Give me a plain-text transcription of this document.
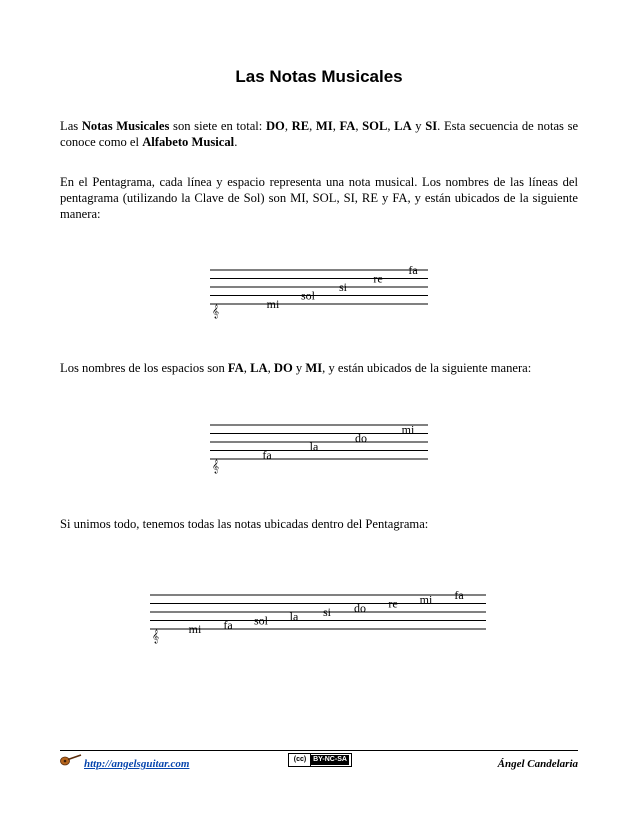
Las Notas Musicales
Las Notas Musicales son siete en total: DO, RE, MI, FA, SOL, LA y SI. Esta secuencia de notas se conoce como el Alfabeto Musical.
En el Pentagrama, cada línea y espacio representa una nota musical. Los nombres de las líneas del pentagrama (utilizando la Clave de Sol) son MI, SOL, SI, RE y FA, y están ubicados de la siguiente manera:
𝄞	mi
sol
si
re
fa
Los nombres de los espacios son FA, LA, DO y MI, y están ubicados de la siguiente manera:
𝄞
fa
la
do
mi
Si unimos todo, tenemos todas las notas ubicadas dentro del Pentagrama:
𝄞 mi fa sol la si do re mi fa
http://angelsguitar.com	(cc) BY-NC-SA	Ángel Candelaria
